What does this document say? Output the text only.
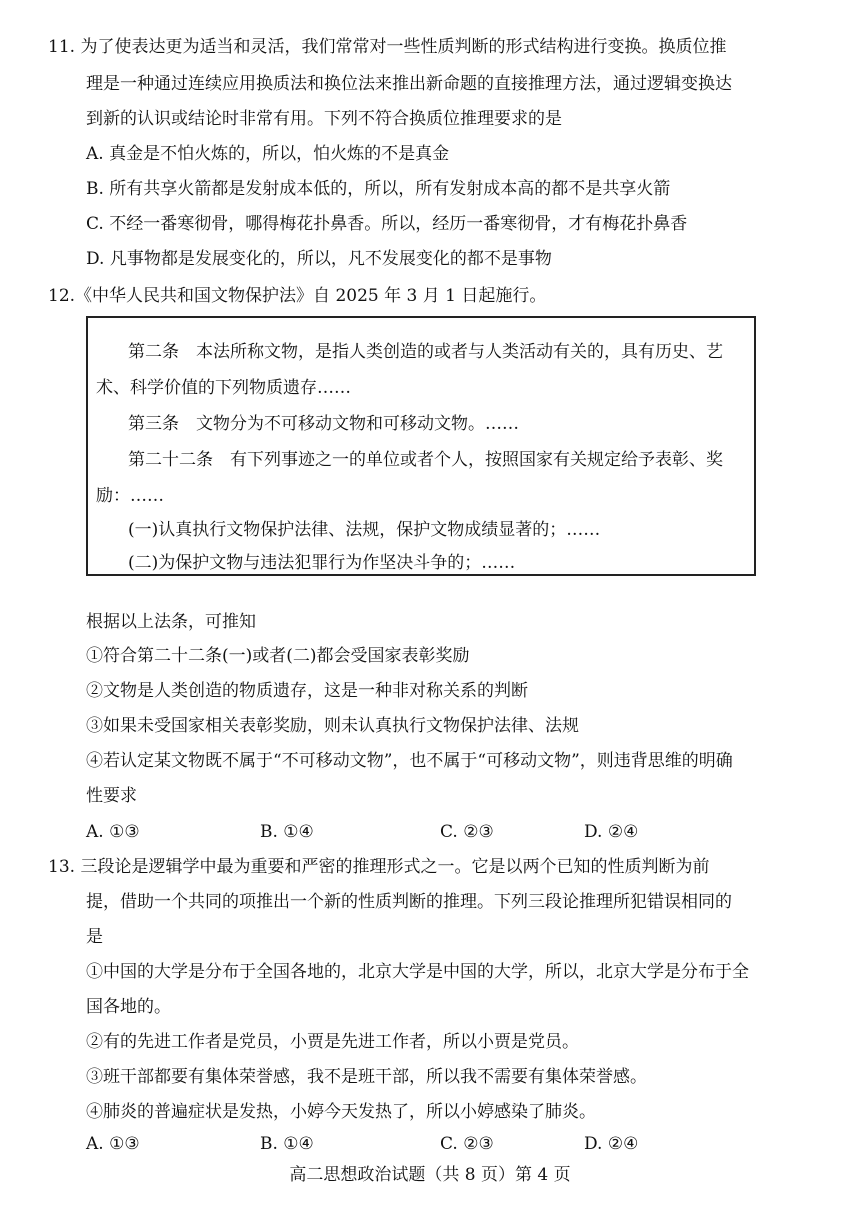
11. 为了使表达更为适当和灵活，我们常常对一些性质判断的形式结构进行变换。换质位推
理是一种通过连续应用换质法和换位法来推出新命题的直接推理方法，通过逻辑变换达
到新的认识或结论时非常有用。下列不符合换质位推理要求的是
A. 真金是不怕火炼的，所以，怕火炼的不是真金
B. 所有共享火箭都是发射成本低的，所以，所有发射成本高的都不是共享火箭
C. 不经一番寒彻骨，哪得梅花扑鼻香。所以，经历一番寒彻骨，才有梅花扑鼻香
D. 凡事物都是发展变化的，所以，凡不发展变化的都不是事物
12.《中华人民共和国文物保护法》自 2025 年 3 月 1 日起施行。
第二条　本法所称文物，是指人类创造的或者与人类活动有关的，具有历史、艺
术、科学价值的下列物质遗存……
第三条　文物分为不可移动文物和可移动文物。……
第二十二条　有下列事迹之一的单位或者个人，按照国家有关规定给予表彰、奖
励：……
(一)认真执行文物保护法律、法规，保护文物成绩显著的；……
(二)为保护文物与违法犯罪行为作坚决斗争的；……
根据以上法条，可推知
①符合第二十二条(一)或者(二)都会受国家表彰奖励
②文物是人类创造的物质遗存，这是一种非对称关系的判断
③如果未受国家相关表彰奖励，则未认真执行文物保护法律、法规
④若认定某文物既不属于“不可移动文物”，也不属于“可移动文物”，则违背思维的明确
性要求
A. ①③	B. ①④	C. ②③	D. ②④
13. 三段论是逻辑学中最为重要和严密的推理形式之一。它是以两个已知的性质判断为前
提，借助一个共同的项推出一个新的性质判断的推理。下列三段论推理所犯错误相同的
是
①中国的大学是分布于全国各地的，北京大学是中国的大学，所以，北京大学是分布于全
国各地的。
②有的先进工作者是党员，小贾是先进工作者，所以小贾是党员。
③班干部都要有集体荣誉感，我不是班干部，所以我不需要有集体荣誉感。
④肺炎的普遍症状是发热，小婷今天发热了，所以小婷感染了肺炎。
A. ①③	B. ①④	C. ②③	D. ②④
高二思想政治试题（共 8 页）第 4 页
